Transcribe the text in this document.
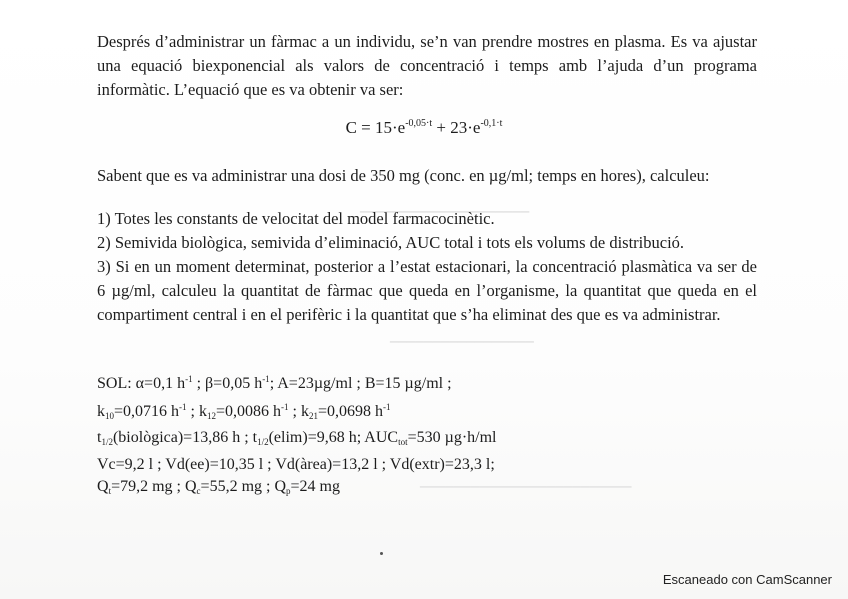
▁▁▁▁▁▁▁▁▁▁▁▁▁▁▁▁▁▁▁▁
▁▁▁▁▁▁▁▁▁▁▁▁▁▁▁▁▁
▁▁▁▁▁▁▁▁▁▁▁▁▁▁▁▁▁▁▁▁▁▁▁▁▁
Després d’administrar un fàrmac a un individu, se’n van prendre mostres en plasma. Es va ajustar una equació biexponencial als valors de concentració i temps amb l’ajuda d’un programa informàtic. L’equació que es va obtenir va ser:
$C = 15\cdot e^{-0,05\cdot t} + 23\cdot e^{-0,1\cdot t}$
Sabent que es va administrar una dosi de 350 mg (conc. en µg/ml; temps en hores), calculeu:
1) Totes les constants de velocitat del model farmacocinètic.
2) Semivida biològica, semivida d’eliminació, AUC total i tots els volums de distribució.
3) Si en un moment determinat, posterior a l’estat estacionari, la concentració plasmàtica va ser de 6 µg/ml, calculeu la quantitat de fàrmac que queda en l’organisme, la quantitat que queda en el compartiment central i en el perifèric i la quantitat que s’ha eliminat des que es va administrar.
SOL: α=0,1 $h^{-1}$ ; β=0,05 $h^{-1}$; A=23µg/ml ; B=15 µg/ml ;
$k_{10}=0,0716$ $h^{-1}$ ; $k_{12}=0,0086$ $h^{-1}$ ; $k_{21}=0,0698$ $h^{-1}$
$t_{1/2}(biològica)=13,86$ h ; $t_{1/2}(elim)=9,68$ h; $AUC_{tot}=530$ µg·h/ml
Vc=9,2 l ; Vd(ee)=10,35 l ; Vd(àrea)=13,2 l ; Vd(extr)=23,3 l;
$Q_t=79,2$ mg ; $Q_c=55,2$ mg ; $Q_p=24$ mg
Escaneado con CamScanner
